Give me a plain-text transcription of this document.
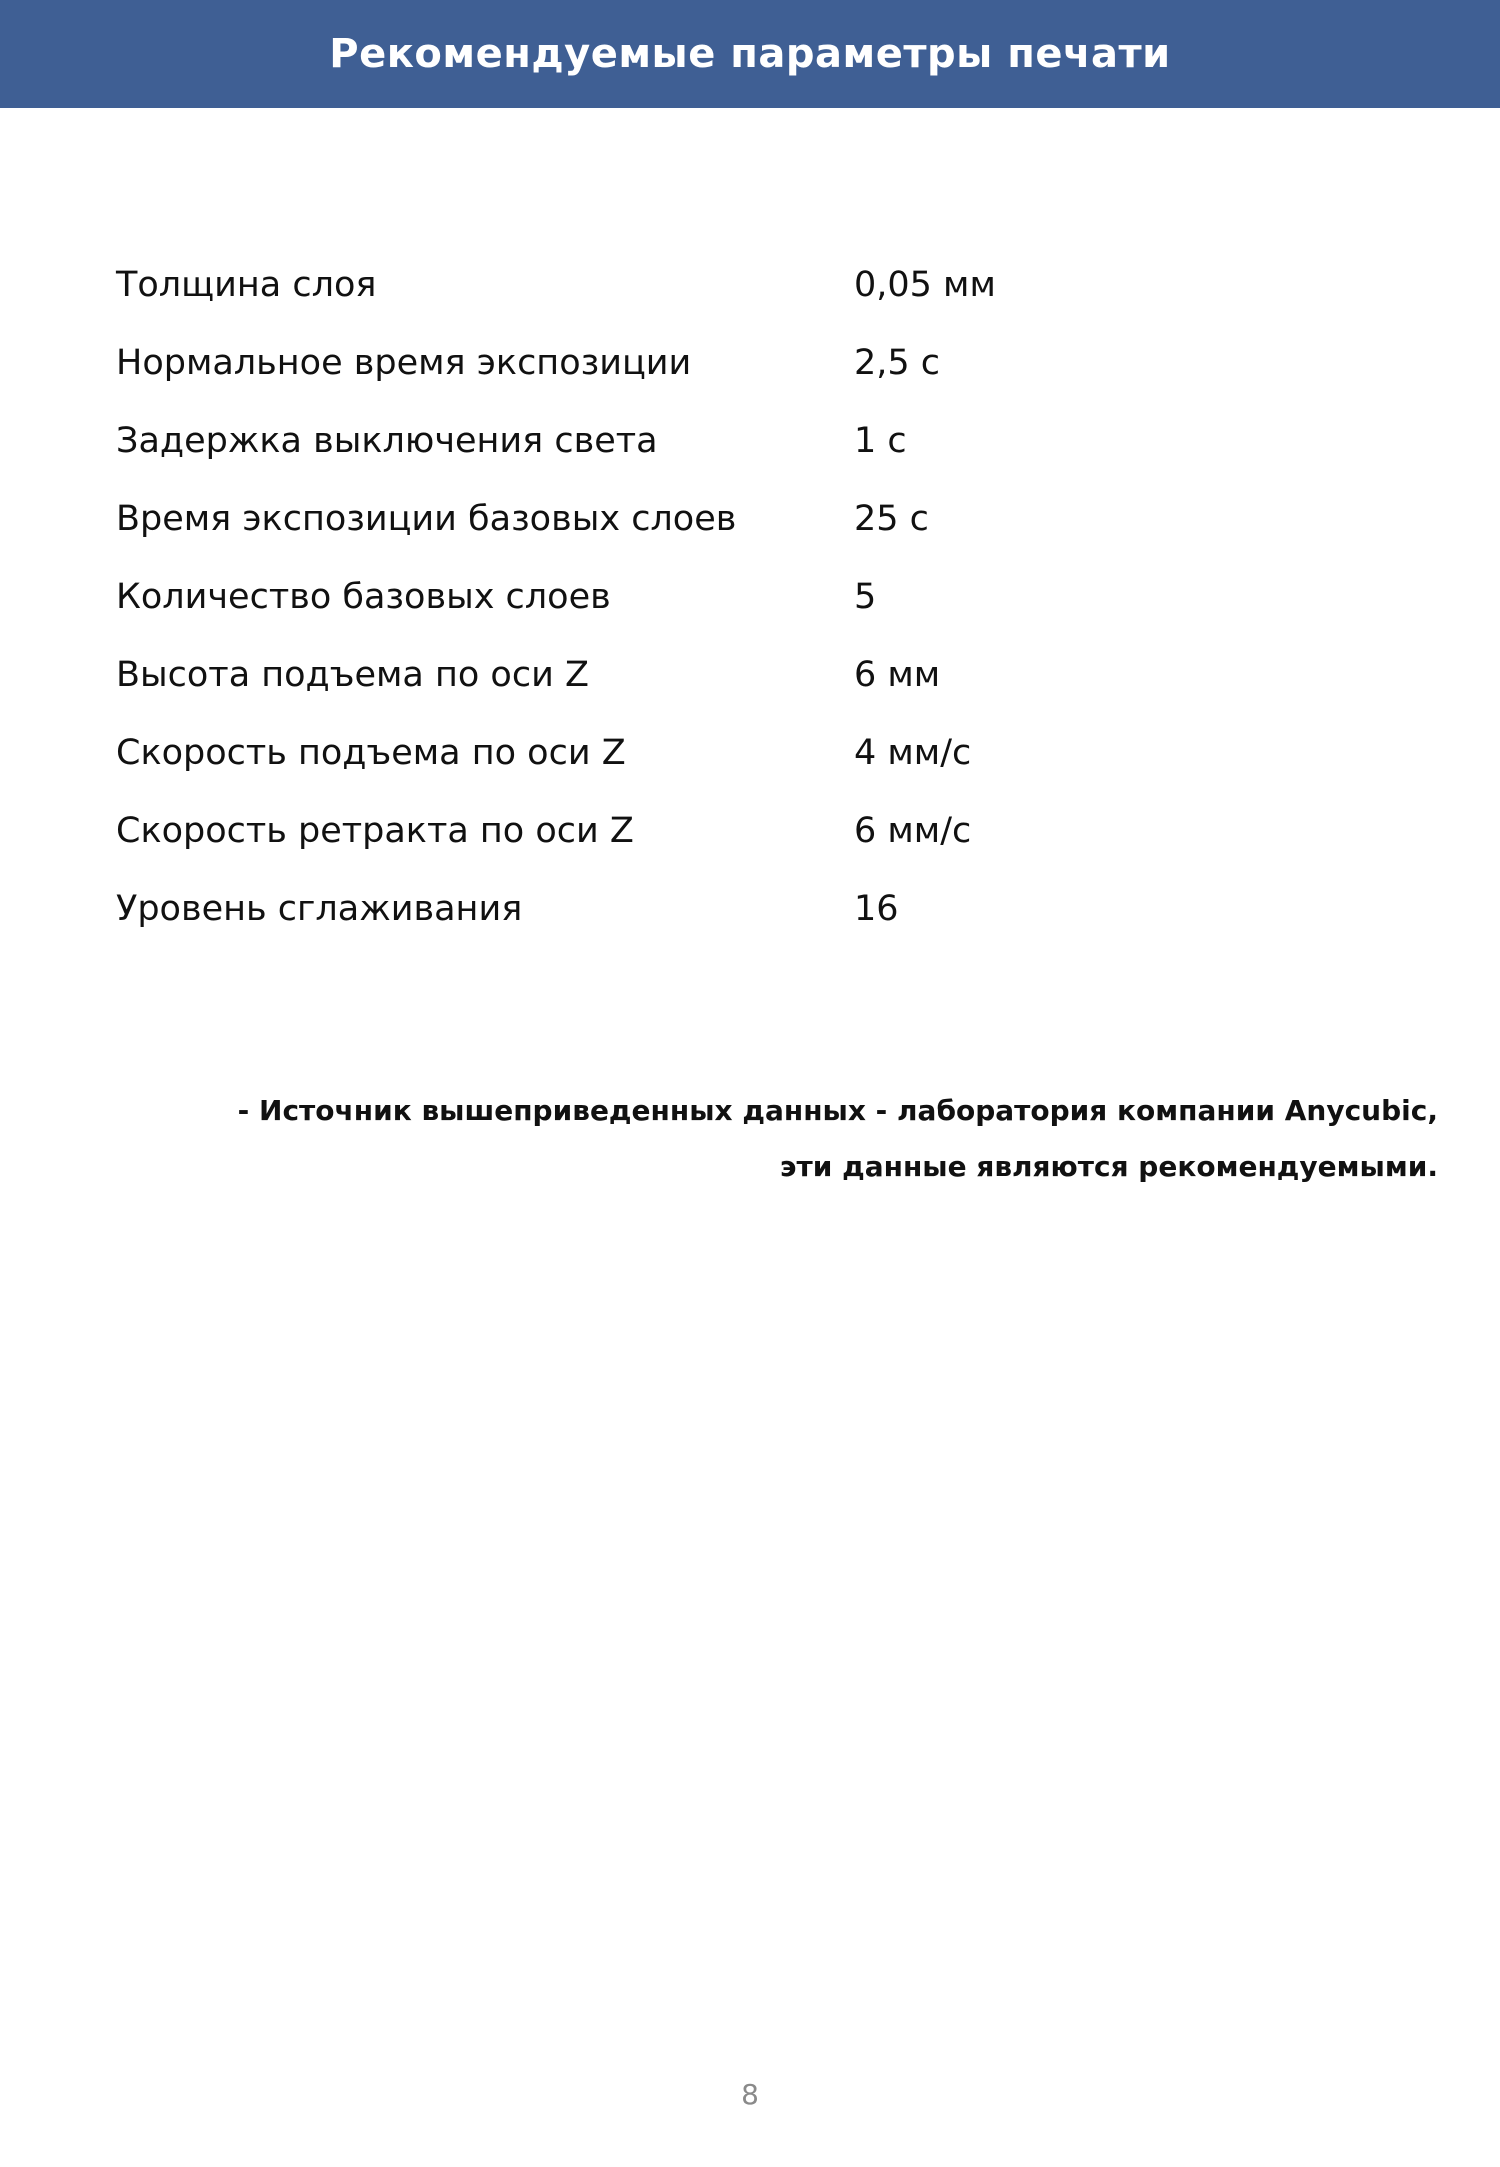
Рекомендуемые параметры печати
Толщина слоя	0,05 мм
Нормальное время экспозиции	2,5 с
Задержка выключения света	1 с
Время экспозиции базовых слоев	25 с
Количество базовых слоев	5
Высота подъема по оси Z	6 мм
Скорость подъема по оси Z	4 мм/с
Скорость ретракта по оси Z	6 мм/с
Уровень сглаживания	16
- Источник вышеприведенных данных - лаборатория компании Anycubic,
эти данные являются рекомендуемыми.
8
